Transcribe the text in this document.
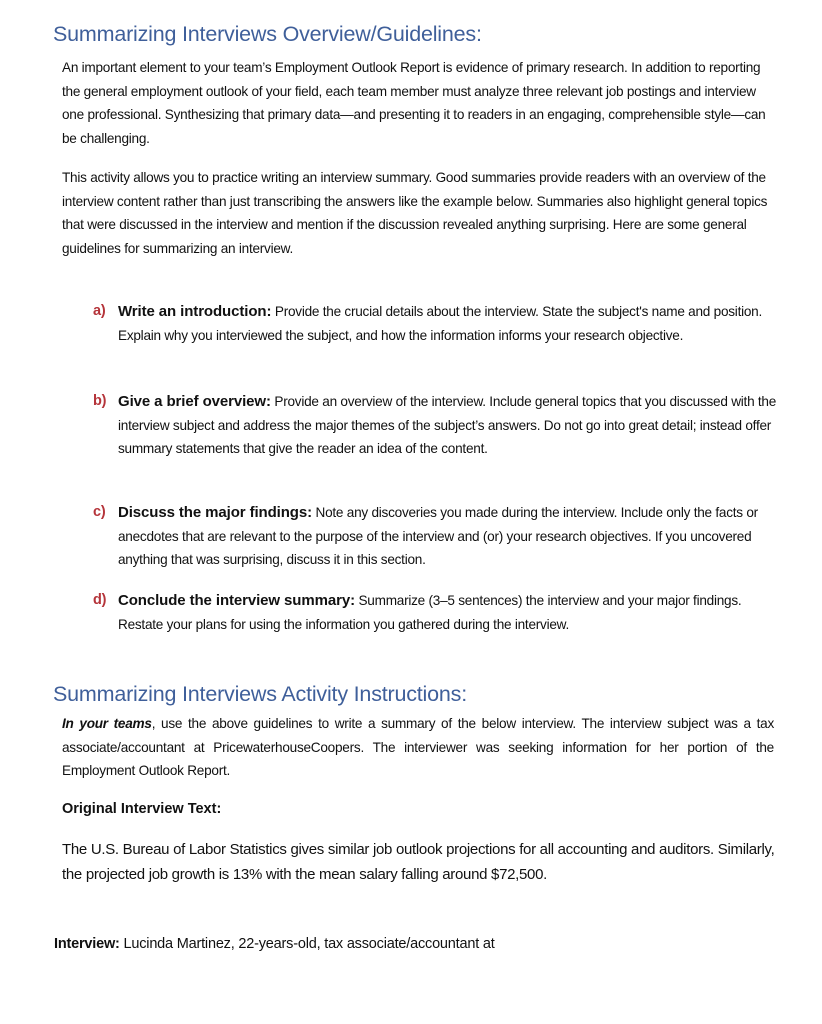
Summarizing Interviews Overview/Guidelines:

An important element to your team’s Employment Outlook Report is evidence of primary research. In addition to reporting the general employment outlook of your field, each team member must analyze three relevant job postings and interview one professional. Synthesizing that primary data—and presenting it to readers in an engaging, comprehensible style—can be challenging.

This activity allows you to practice writing an interview summary. Good summaries provide readers with an overview of the interview content rather than just transcribing the answers like the example below. Summaries also highlight general topics that were discussed in the interview and mention if the discussion revealed anything surprising. Here are some general guidelines for summarizing an interview.

a) Write an introduction: Provide the crucial details about the interview. State the subject's name and position. Explain why you interviewed the subject, and how the information informs your research objective.
b) Give a brief overview: Provide an overview of the interview. Include general topics that you discussed with the interview subject and address the major themes of the subject’s answers. Do not go into great detail; instead offer summary statements that give the reader an idea of the content.
c) Discuss the major findings: Note any discoveries you made during the interview. Include only the facts or anecdotes that are relevant to the purpose of the interview and (or) your research objectives. If you uncovered anything that was surprising, discuss it in this section.
d) Conclude the interview summary: Summarize (3–5 sentences) the interview and your major findings. Restate your plans for using the information you gathered during the interview.
Summarizing Interviews Activity Instructions:

In your teams, use the above guidelines to write a summary of the below interview. The interview subject was a tax associate/accountant at PricewaterhouseCoopers. The interviewer was seeking information for her portion of the Employment Outlook Report.

Original Interview Text:

The U.S. Bureau of Labor Statistics gives similar job outlook projections for all accounting and auditors. Similarly, the projected job growth is 13% with the mean salary falling around $72,500.

Interview: Lucinda Martinez, 22-years-old, tax associate/accountant at
